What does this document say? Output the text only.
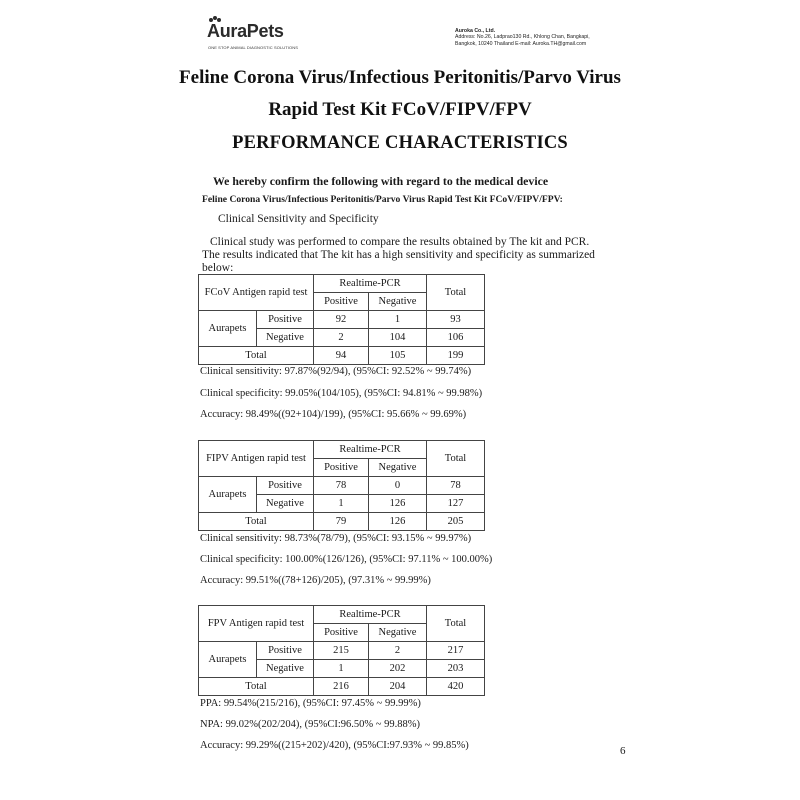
AuraPets
ONE STOP ANIMAL DIAGNOSTIC SOLUTIONS
Auroka Co., Ltd.
Address: No.26, Ladprao130 Rd., Khlong Chan, Bangkapi,
Bangkok, 10240 Thailand E-mail: Auroka.TH@gmail.com
Feline Corona Virus/Infectious Peritonitis/Parvo Virus
Rapid Test Kit FCoV/FIPV/FPV
PERFORMANCE CHARACTERISTICS
We hereby confirm the following with regard to the medical device
Feline Corona Virus/Infectious Peritonitis/Parvo Virus Rapid Test Kit FCoV/FIPV/FPV:
Clinical Sensitivity and Specificity
Clinical study was performed to compare the results obtained by The kit and PCR.
The results indicated that The kit has a high sensitivity and specificity as summarized
below:
FCoV Antigen rapid test		Realtime-PCR		Total
		Positive	Negative	
Aurapets	Positive	92	1	93
	Negative	2	104	106
Total		94	105	199
Clinical sensitivity: 97.87%(92/94), (95%CI: 92.52% ~ 99.74%)
Clinical specificity: 99.05%(104/105), (95%CI: 94.81% ~ 99.98%)
Accuracy: 98.49%((92+104)/199), (95%CI: 95.66% ~ 99.69%)
FIPV Antigen rapid test		Realtime-PCR		Total
		Positive	Negative	
Aurapets	Positive	78	0	78
	Negative	1	126	127
Total		79	126	205
Clinical sensitivity: 98.73%(78/79), (95%CI: 93.15% ~ 99.97%)
Clinical specificity: 100.00%(126/126), (95%CI: 97.11% ~ 100.00%)
Accuracy: 99.51%((78+126)/205), (97.31% ~ 99.99%)
FPV Antigen rapid test		Realtime-PCR		Total
		Positive	Negative	
Aurapets	Positive	215	2	217
	Negative	1	202	203
Total		216	204	420
PPA: 99.54%(215/216), (95%CI: 97.45% ~ 99.99%)
NPA: 99.02%(202/204), (95%CI:96.50% ~ 99.88%)
Accuracy: 99.29%((215+202)/420), (95%CI:97.93% ~ 99.85%)	6
